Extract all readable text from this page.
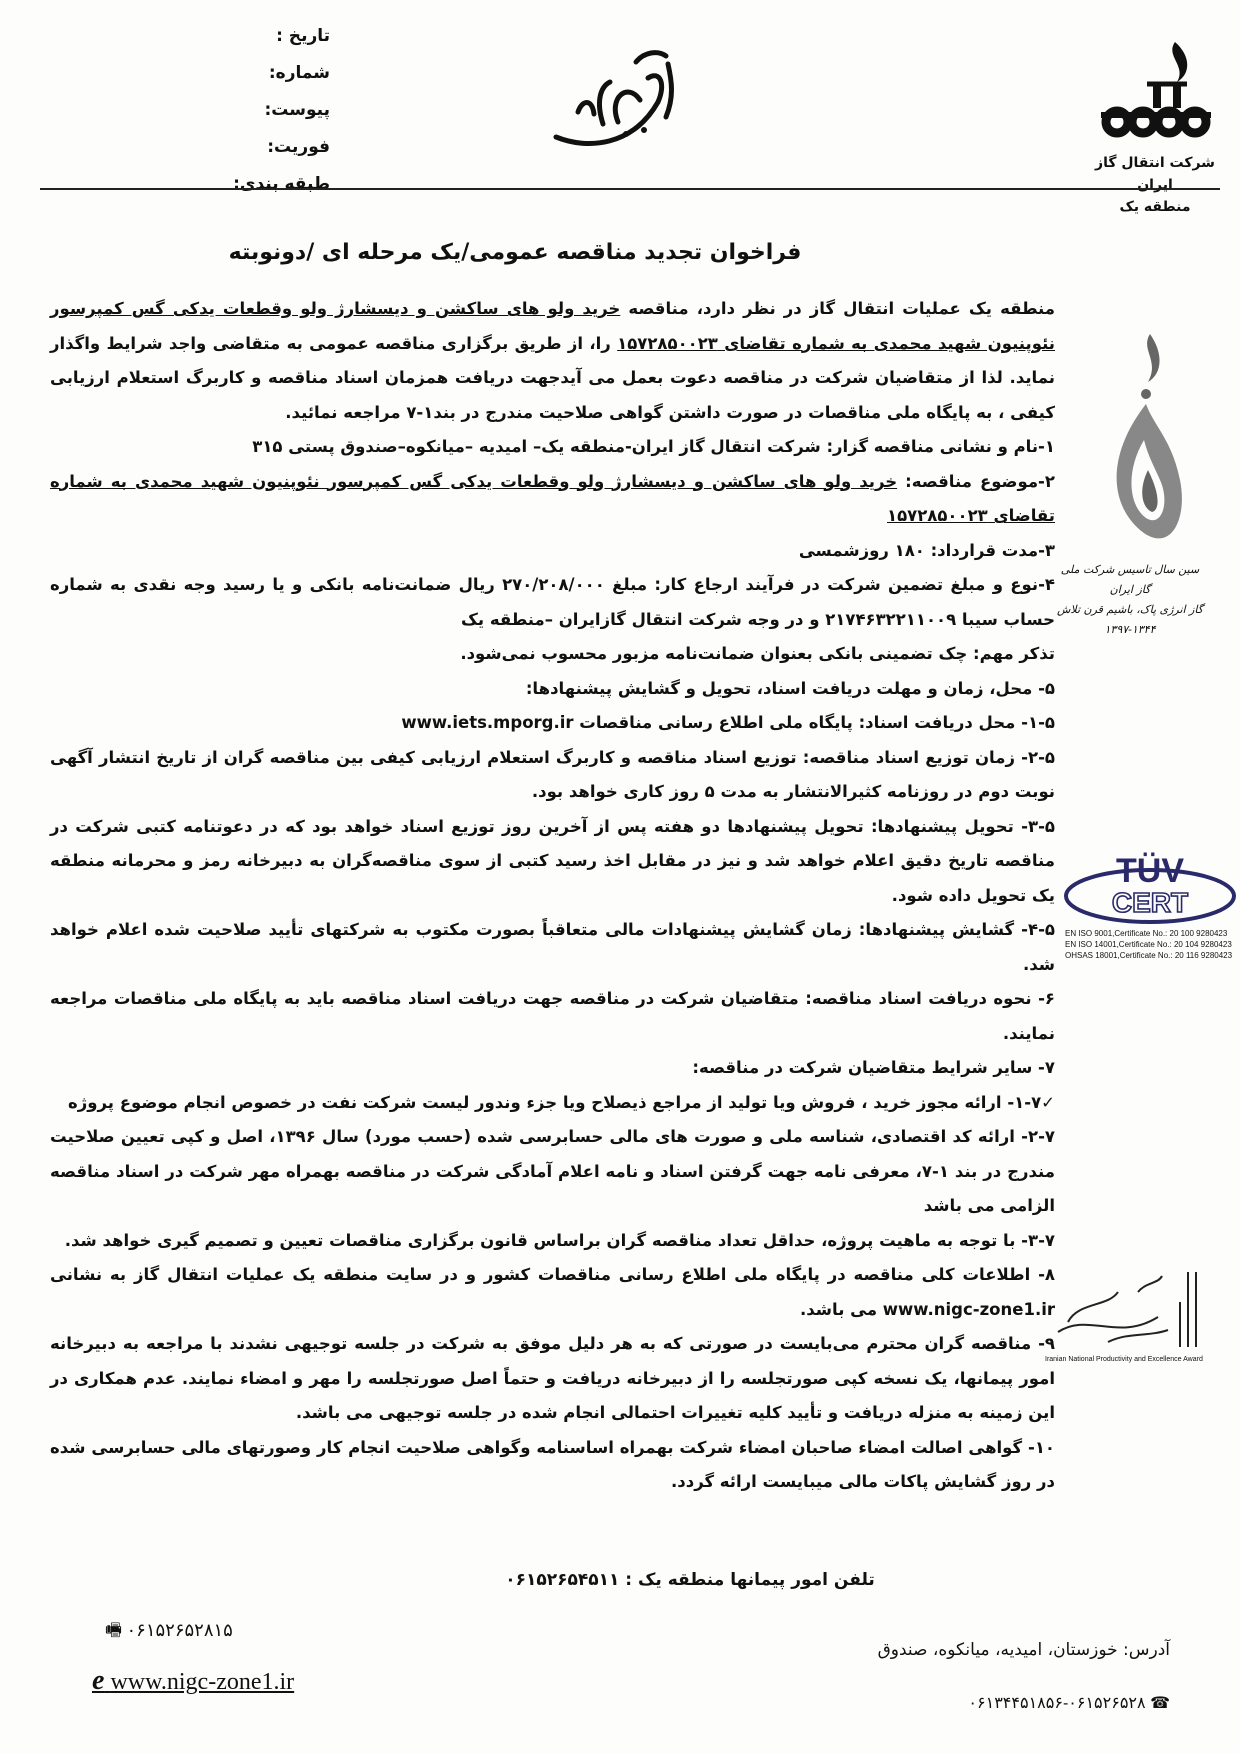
تاریخ :
شماره:
پیوست:
فوریت:
طبقه بندی:
شرکت انتقال گاز ایران
منطقه یک
فراخوان تجدید مناقصه عمومی/یک مرحله ای /دونوبته

منطقه یک عملیات انتقال گاز در نظر دارد، مناقصه خرید ولو های ساکشن و دیسشارژ ولو وقطعات یدکی گس کمپرسور نئوپنیون شهید محمدی به شماره تقاضای ۱۵۷۲۸۵۰۰۲۳ را، از طریق برگزاری مناقصه عمومی به متقاضی واجد شرایط واگذار نماید. لذا از متقاضیان شرکت در مناقصه دعوت بعمل می آیدجهت دریافت همزمان اسناد مناقصه و کاربرگ استعلام ارزیابی کیفی ، به پایگاه ملی مناقصات در صورت داشتن گواهی صلاحیت مندرج در بند۱-۷ مراجعه نمائید.

۱-نام و نشانی مناقصه گزار: شرکت انتقال گاز ایران-منطقه یک– امیدیه –میانکوه–صندوق پستی ۳۱۵

۲-موضوع مناقصه: خرید ولو های ساکشن و دیسشارژ ولو وقطعات یدکی گس کمپرسور نئوپنیون شهید محمدی به شماره تقاضای ۱۵۷۲۸۵۰۰۲۳

۳-مدت قرارداد: ۱۸۰ روزشمسی

۴-نوع و مبلغ تضمین شرکت در فرآیند ارجاع کار: مبلغ ۲۷۰/۲۰۸/۰۰۰ ریال ضمانت‌نامه بانکی و یا رسید وجه نقدی به شماره حساب سیبا ۲۱۷۴۶۳۲۲۱۱۰۰۹ و در وجه شرکت انتقال گازایران –منطقه یک

تذکر مهم: چک تضمینی بانکی بعنوان ضمانت‌نامه مزبور محسوب نمی‌شود.

۵- محل، زمان و مهلت دریافت اسناد، تحویل و گشایش پیشنهادها:

۱-۵- محل دریافت اسناد: پایگاه ملی اطلاع رسانی مناقصات www.iets.mporg.ir

۲-۵- زمان توزیع اسناد مناقصه: توزیع اسناد مناقصه و کاربرگ استعلام ارزیابی کیفی بین مناقصه گران از تاریخ انتشار آگهی نوبت دوم در روزنامه کثیرالانتشار به مدت ۵ روز کاری خواهد بود.

۳-۵- تحویل پیشنهادها: تحویل پیشنهادها دو هفته پس از آخرین روز توزیع اسناد خواهد بود که در دعوتنامه کتبی شرکت در مناقصه تاریخ دقیق اعلام خواهد شد و نیز در مقابل اخذ رسید کتبی از سوی مناقصه‌گران به دبیرخانه رمز و محرمانه منطقه یک تحویل داده شود.

۴-۵- گشایش پیشنهادها: زمان گشایش پیشنهادات مالی متعاقباً بصورت مکتوب به شرکتهای تأیید صلاحیت شده اعلام خواهد شد.

۶- نحوه دریافت اسناد مناقصه: متقاضیان شرکت در مناقصه جهت دریافت اسناد مناقصه باید به پایگاه ملی مناقصات مراجعه نمایند.

۷- سایر شرایط متقاضیان شرکت در مناقصه:

✓۱-۷- ارائه مجوز خرید ، فروش ویا تولید از مراجع ذیصلاح ویا جزء وندور لیست شرکت نفت در خصوص انجام موضوع پروژه

۲-۷- ارائه کد اقتصادی، شناسه ملی و صورت های مالی حسابرسی شده (حسب مورد) سال ۱۳۹۶، اصل و کپی تعیین صلاحیت مندرج در بند ۱-۷، معرفی نامه جهت گرفتن اسناد و نامه اعلام آمادگی شرکت در مناقصه بهمراه مهر شرکت در اسناد مناقصه الزامی می باشد

۳-۷- با توجه به ماهیت پروژه، حداقل تعداد مناقصه گران براساس قانون برگزاری مناقصات تعیین و تصمیم گیری خواهد شد.

۸- اطلاعات کلی مناقصه در پایگاه ملی اطلاع رسانی مناقصات کشور و در سایت منطقه یک عملیات انتقال گاز به نشانی www.nigc-zone1.ir می باشد.

۹- مناقصه گران محترم می‌بایست در صورتی که به هر دلیل موفق به شرکت در جلسه توجیهی نشدند با مراجعه به دبیرخانه امور پیمانها، یک نسخه کپی صورتجلسه را از دبیرخانه دریافت و حتماً اصل صورتجلسه را مهر و امضاء نمایند. عدم همکاری در این زمینه به منزله دریافت و تأیید کلیه تغییرات احتمالی انجام شده در جلسه توجیهی می باشد.

۱۰- گواهی اصالت امضاء صاحبان امضاء شرکت بهمراه اساسنامه وگواهی صلاحیت انجام کار وصورتهای مالی حسابرسی شده در روز گشایش پاکات مالی میبایست ارائه گردد.

سین سال تاسیس شرکت ملی گاز ایران
گاز انرژی پاک، باشیم قرن تلاش
۱۳۹۷-۱۳۴۴
TÜV
CERT
EN ISO 9001,Certificate No.: 20 100 9280423
EN ISO 14001,Certificate No.: 20 104 9280423
OHSAS 18001,Certificate No.: 20 116 9280423
Iranian National Productivity and Excellence Award
تلفن امور پیمانها منطقه یک : ۰۶۱۵۲۶۵۴۵۱۱
🖷 ۰۶۱۵۲۶۵۲۸۱۵
e www.nigc-zone1.ir
آدرس: خوزستان، امیدیه، میانکوه، صندوق
۰۶۱۳۴۴۵۱۸۵۶-۰۶۱۵۲۶۵۲۸ ☎
